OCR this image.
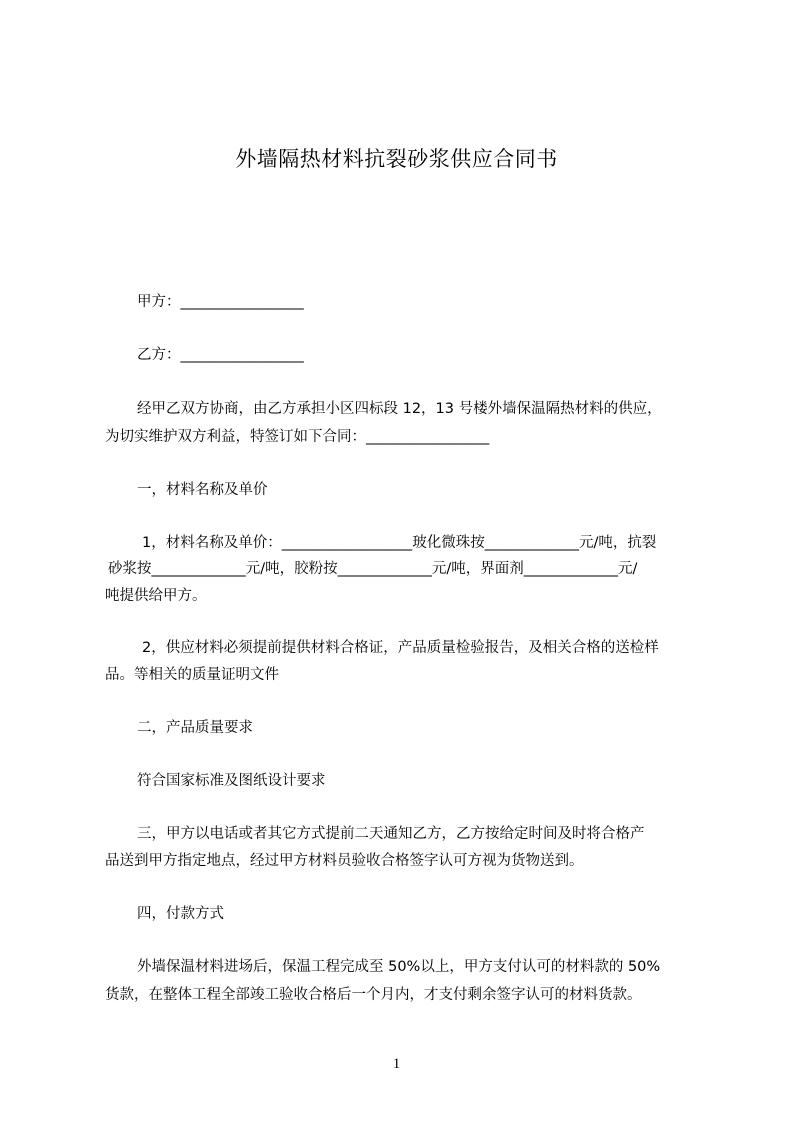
外墙隔热材料抗裂砂浆供应合同书
甲方：_________________
乙方：_________________
经甲乙双方协商，由乙方承担小区四标段 12，13 号楼外墙保温隔热材料的供应，
为切实维护双方利益，特签订如下合同：_________________
一，材料名称及单价
1，材料名称及单价：__________________玻化微珠按_____________元/吨，抗裂
砂浆按_____________元/吨，胶粉按_____________元/吨，界面剂_____________元/
吨提供给甲方。
2，供应材料必须提前提供材料合格证，产品质量检验报告，及相关合格的送检样
品。等相关的质量证明文件
二，产品质量要求
符合国家标准及图纸设计要求
三，甲方以电话或者其它方式提前二天通知乙方，乙方按给定时间及时将合格产
品送到甲方指定地点，经过甲方材料员验收合格签字认可方视为货物送到。
四，付款方式
外墙保温材料进场后，保温工程完成至 50%以上，甲方支付认可的材料款的 50%
货款，在整体工程全部竣工验收合格后一个月内，才支付剩余签字认可的材料货款。
1
